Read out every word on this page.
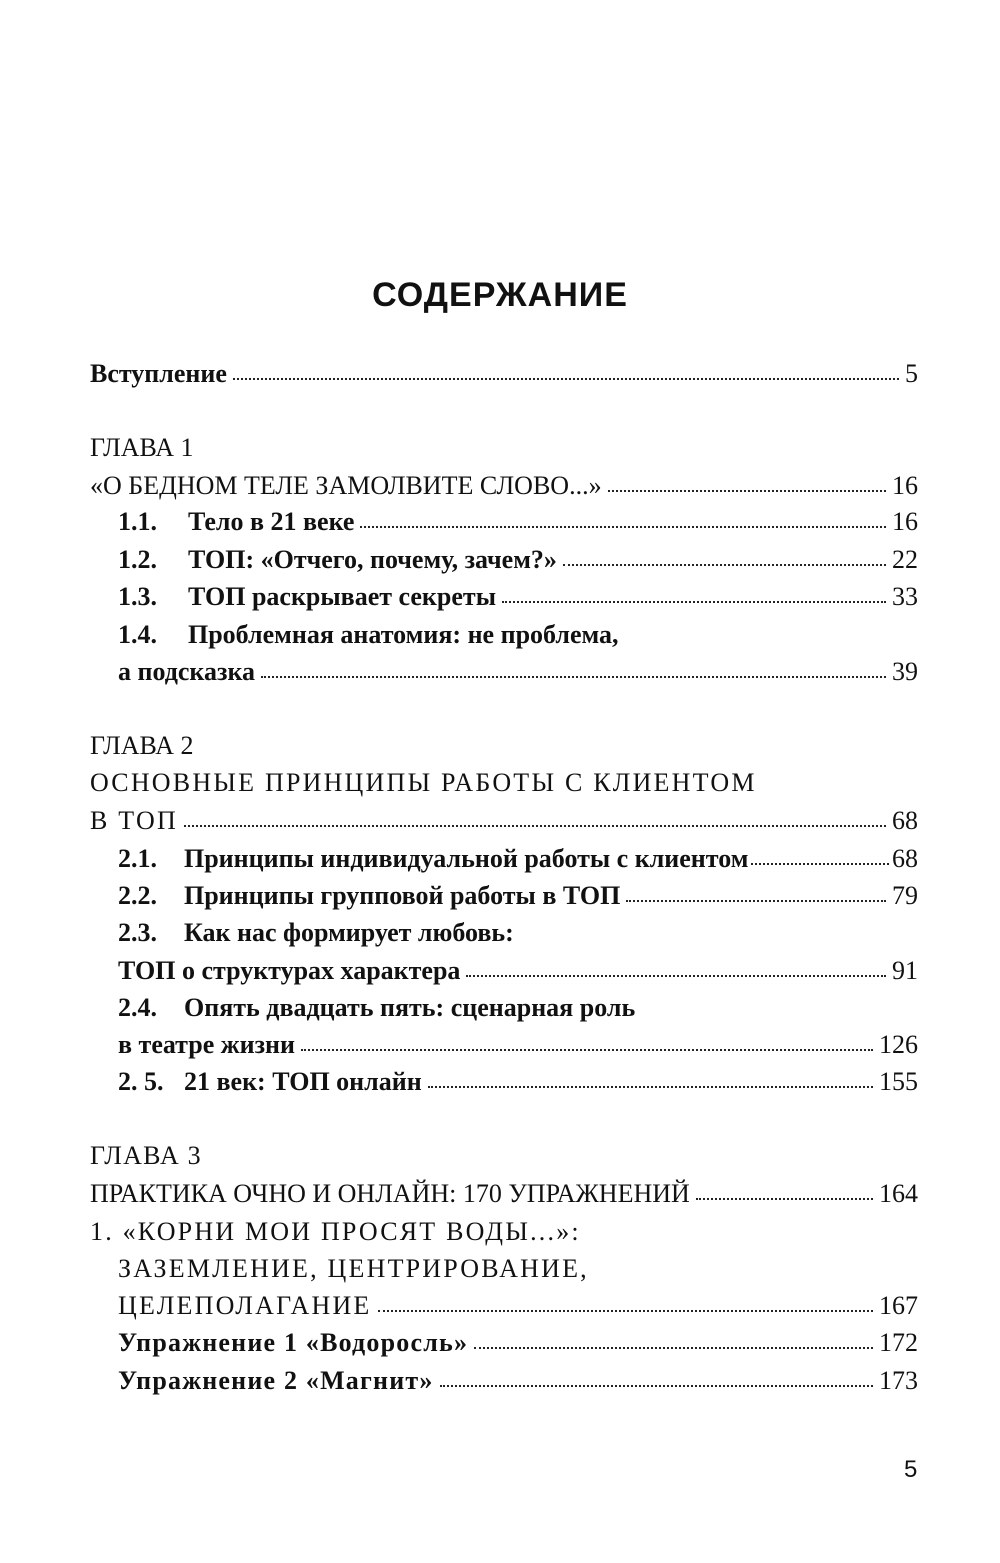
СОДЕРЖАНИЕ
Вступление	5
ГЛАВА 1
«О БЕДНОМ ТЕЛЕ ЗАМОЛВИТЕ СЛОВО...»	16
1.1.	Тело в 21 веке	16
1.2.	ТОП: «Отчего, почему, зачем?»	22
1.3.	ТОП раскрывает секреты	33
1.4.	Проблемная анатомия: не проблема,
а подсказка	39
ГЛАВА 2
ОСНОВНЫЕ ПРИНЦИПЫ РАБОТЫ С КЛИЕНТОМ
В ТОП	68
2.1.	Принципы индивидуальной работы с клиентом	68
2.2.	Принципы групповой работы в ТОП	79
2.3.	Как нас формирует любовь:
ТОП о структурах характера	91
2.4.	Опять двадцать пять: сценарная роль
в театре жизни	126
2. 5. 21 век: ТОП онлайн	155
ГЛАВА 3
ПРАКТИКА ОЧНО И ОНЛАЙН: 170 УПРАЖНЕНИЙ	164
1. «КОРНИ МОИ ПРОСЯТ ВОДЫ...»:
ЗАЗЕМЛЕНИЕ, ЦЕНТРИРОВАНИЕ,
ЦЕЛЕПОЛАГАНИЕ	167
Упражнение 1 «Водоросль»	172
Упражнение 2 «Магнит»	173
5
